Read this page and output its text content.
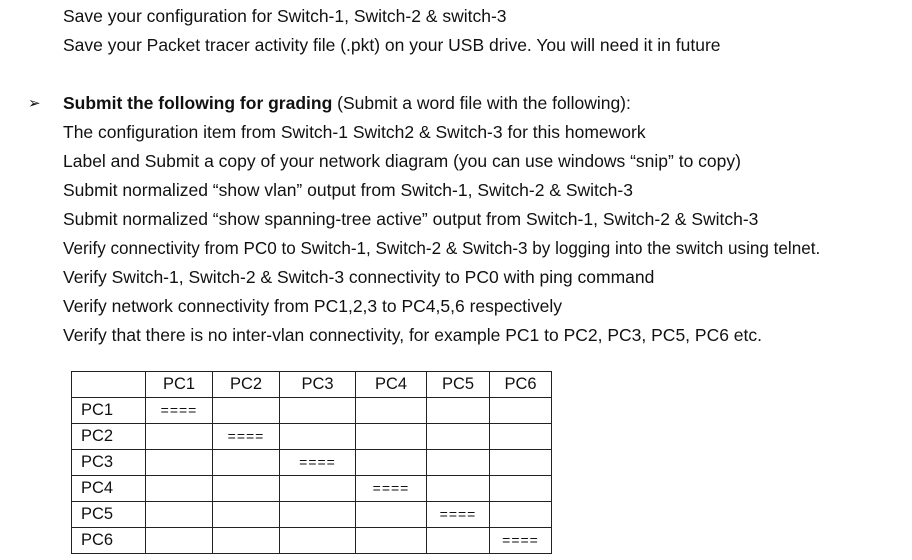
Save your configuration for Switch-1, Switch-2 & switch-3
Save your Packet tracer activity file (.pkt) on your USB drive. You will need it in future
➢ Submit the following for grading (Submit a word file with the following):
The configuration item from Switch-1 Switch2 & Switch-3 for this homework
Label and Submit a copy of your network diagram (you can use windows “snip” to copy)
Submit normalized “show vlan” output from Switch-1, Switch-2 & Switch-3
Submit normalized “show spanning-tree active” output from Switch-1, Switch-2 & Switch-3
Verify connectivity from PC0 to Switch-1, Switch-2 & Switch-3 by logging into the switch using telnet.
Verify Switch-1, Switch-2 & Switch-3 connectivity to PC0 with ping command
Verify network connectivity from PC1,2,3 to PC4,5,6 respectively
Verify that there is no inter-vlan connectivity, for example PC1 to PC2, PC3, PC5, PC6 etc.
	PC1	PC2	PC3	PC4	PC5	PC6
PC1	====					
PC2		====				
PC3			====			
PC4				====		
PC5					====	
PC6						====
